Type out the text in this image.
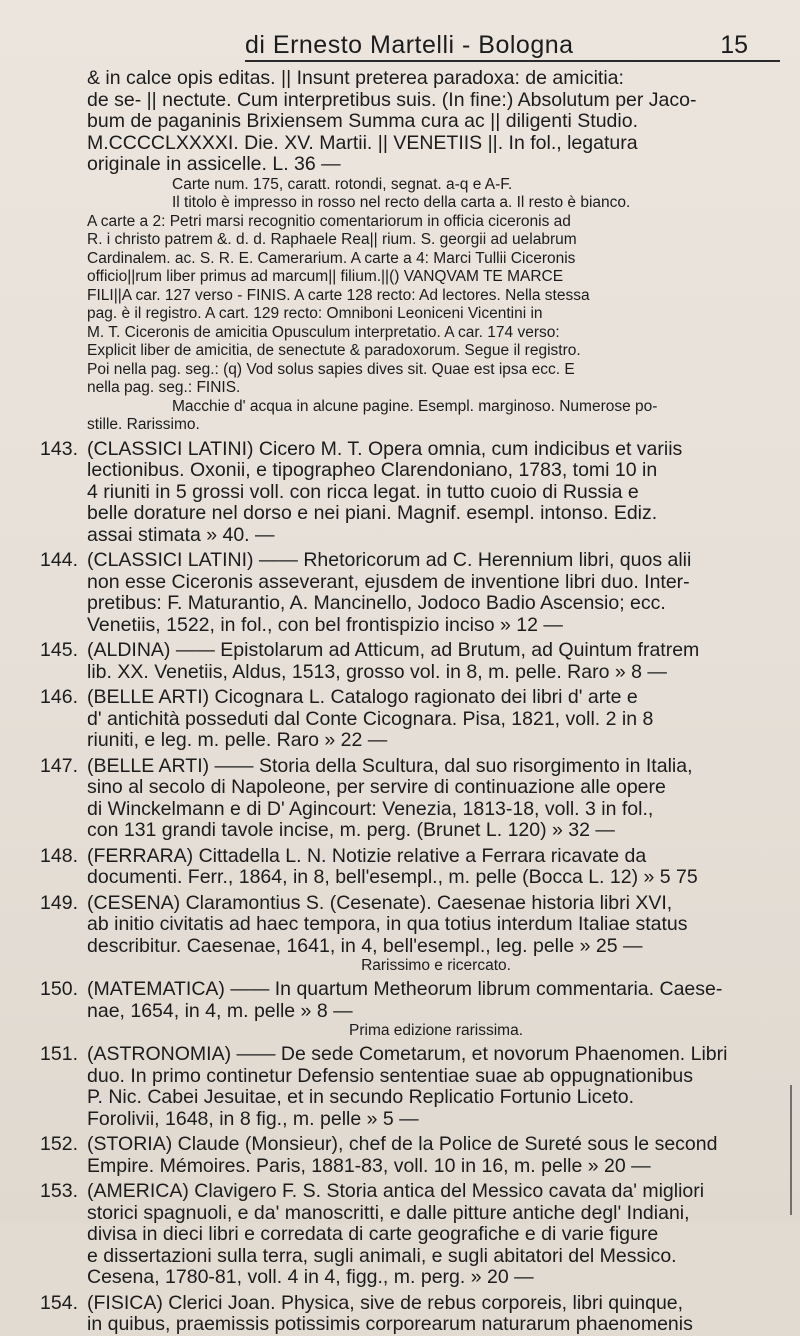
di Ernesto Martelli - Bologna	15
& in calce opis editas. || Insunt preterea paradoxa: de amicitia:
de se- || nectute. Cum interpretibus suis. (In fine:) Absolutum per Jaco-
bum de paganinis Brixiensem Summa cura ac || diligenti Studio.
M.CCCCLXXXXI. Die. XV. Martii. || VENETIIS ||. In fol., legatura
originale in assicelle. L. 36 —
Carte num. 175, caratt. rotondi, segnat. a-q e A-F.
Il titolo è impresso in rosso nel recto della carta a. Il resto è bianco.
A carte a 2: Petri marsi recognitio comentariorum in officia ciceronis ad
R. i christo patrem &. d. d. Raphaele Rea|| rium. S. georgii ad uelabrum
Cardinalem. ac. S. R. E. Camerarium. A carte a 4: Marci Tullii Ciceronis
officio||rum liber primus ad marcum|| filium.||() VANQVAM TE MARCE
FILI||A car. 127 verso - FINIS. A carte 128 recto: Ad lectores. Nella stessa
pag. è il registro. A cart. 129 recto: Omniboni Leoniceni Vicentini in
M. T. Ciceronis de amicitia Opusculum interpretatio. A car. 174 verso:
Explicit liber de amicitia, de senectute & paradoxorum. Segue il registro.
Poi nella pag. seg.: (q) Vod solus sapies dives sit. Quae est ipsa ecc. E
nella pag. seg.: FINIS.
Macchie d' acqua in alcune pagine. Esempl. marginoso. Numerose po-
stille. Rarissimo.
143. (CLASSICI LATINI) Cicero M. T. Opera omnia, cum indicibus et variis
lectionibus. Oxonii, e tipographeo Clarendoniano, 1783, tomi 10 in
4 riuniti in 5 grossi voll. con ricca legat. in tutto cuoio di Russia e
belle dorature nel dorso e nei piani. Magnif. esempl. intonso. Ediz.
assai stimata » 40. —
144. (CLASSICI LATINI) —— Rhetoricorum ad C. Herennium libri, quos alii
non esse Ciceronis asseverant, ejusdem de inventione libri duo. Inter-
pretibus: F. Maturantio, A. Mancinello, Jodoco Badio Ascensio; ecc.
Venetiis, 1522, in fol., con bel frontispizio inciso » 12 —
145. (ALDINA) —— Epistolarum ad Atticum, ad Brutum, ad Quintum fratrem
lib. XX. Venetiis, Aldus, 1513, grosso vol. in 8, m. pelle. Raro » 8 —
146. (BELLE ARTI) Cicognara L. Catalogo ragionato dei libri d' arte e
d' antichità posseduti dal Conte Cicognara. Pisa, 1821, voll. 2 in 8
riuniti, e leg. m. pelle. Raro » 22 —
147. (BELLE ARTI) —— Storia della Scultura, dal suo risorgimento in Italia,
sino al secolo di Napoleone, per servire di continuazione alle opere
di Winckelmann e di D' Agincourt: Venezia, 1813-18, voll. 3 in fol.,
con 131 grandi tavole incise, m. perg. (Brunet L. 120) » 32 —
148. (FERRARA) Cittadella L. N. Notizie relative a Ferrara ricavate da
documenti. Ferr., 1864, in 8, bell'esempl., m. pelle (Bocca L. 12) » 5 75
149. (CESENA) Claramontius S. (Cesenate). Caesenae historia libri XVI,
ab initio civitatis ad haec tempora, in qua totius interdum Italiae status
describitur. Caesenae, 1641, in 4, bell'esempl., leg. pelle » 25 —
Rarissimo e ricercato.
150. (MATEMATICA) —— In quartum Metheorum librum commentaria. Caese-
nae, 1654, in 4, m. pelle » 8 —
Prima edizione rarissima.
151. (ASTRONOMIA) —— De sede Cometarum, et novorum Phaenomen. Libri
duo. In primo continetur Defensio sententiae suae ab oppugnationibus
P. Nic. Cabei Jesuitae, et in secundo Replicatio Fortunio Liceto.
Forolivii, 1648, in 8 fig., m. pelle » 5 —
152. (STORIA) Claude (Monsieur), chef de la Police de Sureté sous le second
Empire. Mémoires. Paris, 1881-83, voll. 10 in 16, m. pelle » 20 —
153. (AMERICA) Clavigero F. S. Storia antica del Messico cavata da' migliori
storici spagnuoli, e da' manoscritti, e dalle pitture antiche degl' Indiani,
divisa in dieci libri e corredata di carte geografiche e di varie figure
e dissertazioni sulla terra, sugli animali, e sugli abitatori del Messico.
Cesena, 1780-81, voll. 4 in 4, figg., m. perg. » 20 —
154. (FISICA) Clerici Joan. Physica, sive de rebus corporeis, libri quinque,
in quibus, praemissis potissimis corporearum naturarum phaenomenis
